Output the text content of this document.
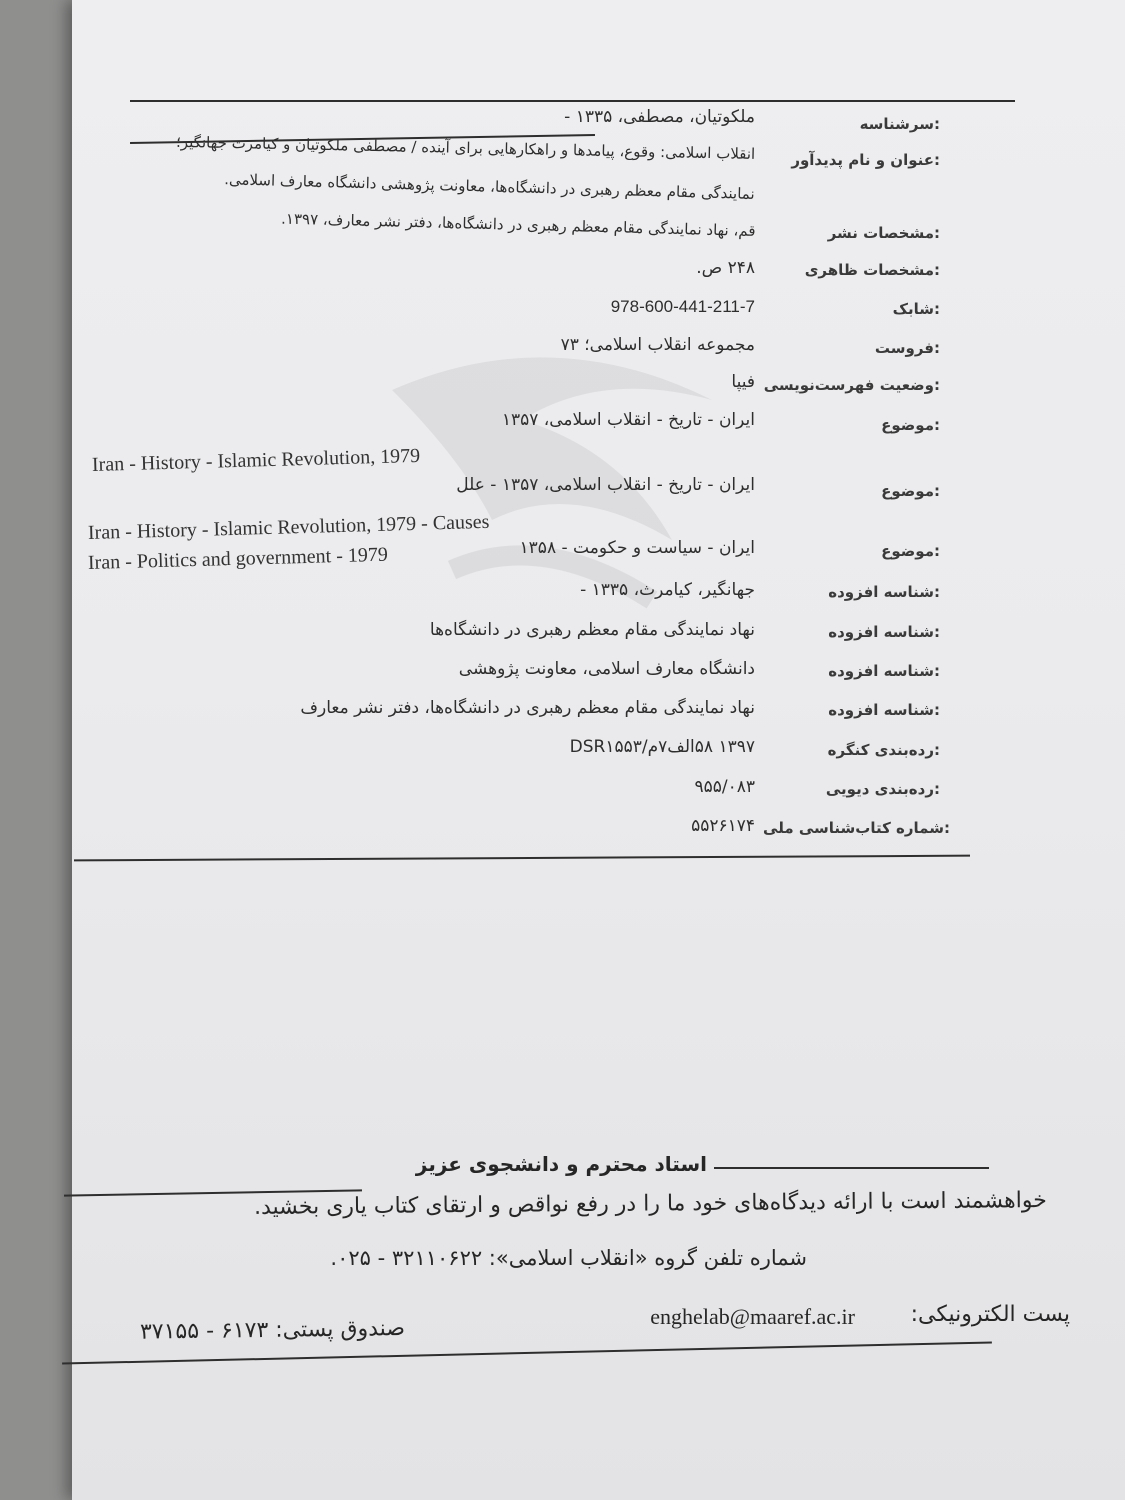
سرشناسه:
ملکوتیان، مصطفی، ۱۳۳۵ -
عنوان و نام پدیدآور:
انقلاب اسلامی: وقوع، پیامدها و راهکارهایی برای آینده / مصطفی ملکوتیان و کیامرث جهانگیر؛
نمایندگی مقام معظم رهبری در دانشگاه‌ها، معاونت پژوهشی دانشگاه معارف اسلامی.
مشخصات نشر:
قم، نهاد نمایندگی مقام معظم رهبری در دانشگاه‌ها، دفتر نشر معارف، ۱۳۹۷.
مشخصات ظاهری:
۲۴۸ ص.
شابک:
978-600-441-211-7
فروست:
مجموعه انقلاب اسلامی؛ ۷۳
وضعیت فهرست‌نویسی:
فیپا
موضوع:
ایران - تاریخ - انقلاب اسلامی، ۱۳۵۷
Iran - History - Islamic Revolution, 1979
موضوع:
ایران - تاریخ - انقلاب اسلامی، ۱۳۵۷ - علل
Iran - History - Islamic Revolution, 1979 - Causes
موضوع:
ایران - سیاست و حکومت - ۱۳۵۸
Iran - Politics and government - 1979
شناسه افزوده:
جهانگیر، کیامرث، ۱۳۳۵ -
شناسه افزوده:
نهاد نمایندگی مقام معظم رهبری در دانشگاه‌ها
شناسه افزوده:
دانشگاه معارف اسلامی، معاونت پژوهشی
شناسه افزوده:
نهاد نمایندگی مقام معظم رهبری در دانشگاه‌ها، دفتر نشر معارف
رده‌بندی کنگره:
۱۳۹۷ ۵۸الف۷م/DSR۱۵۵۳
رده‌بندی دیویی:
۹۵۵/۰۸۳
شماره کتاب‌شناسی ملی:
۵۵۲۶۱۷۴
استاد محترم و دانشجوی عزیز
خواهشمند است با ارائه دیدگاه‌های خود ما را در رفع نواقص و ارتقای کتاب یاری بخشید.
شماره تلفن گروه «انقلاب اسلامی»: ۳۲۱۱۰۶۲۲ - ۰۲۵.
پست الکترونیکی:
enghelab@maaref.ac.ir
صندوق پستی: ۶۱۷۳ - ۳۷۱۵۵
